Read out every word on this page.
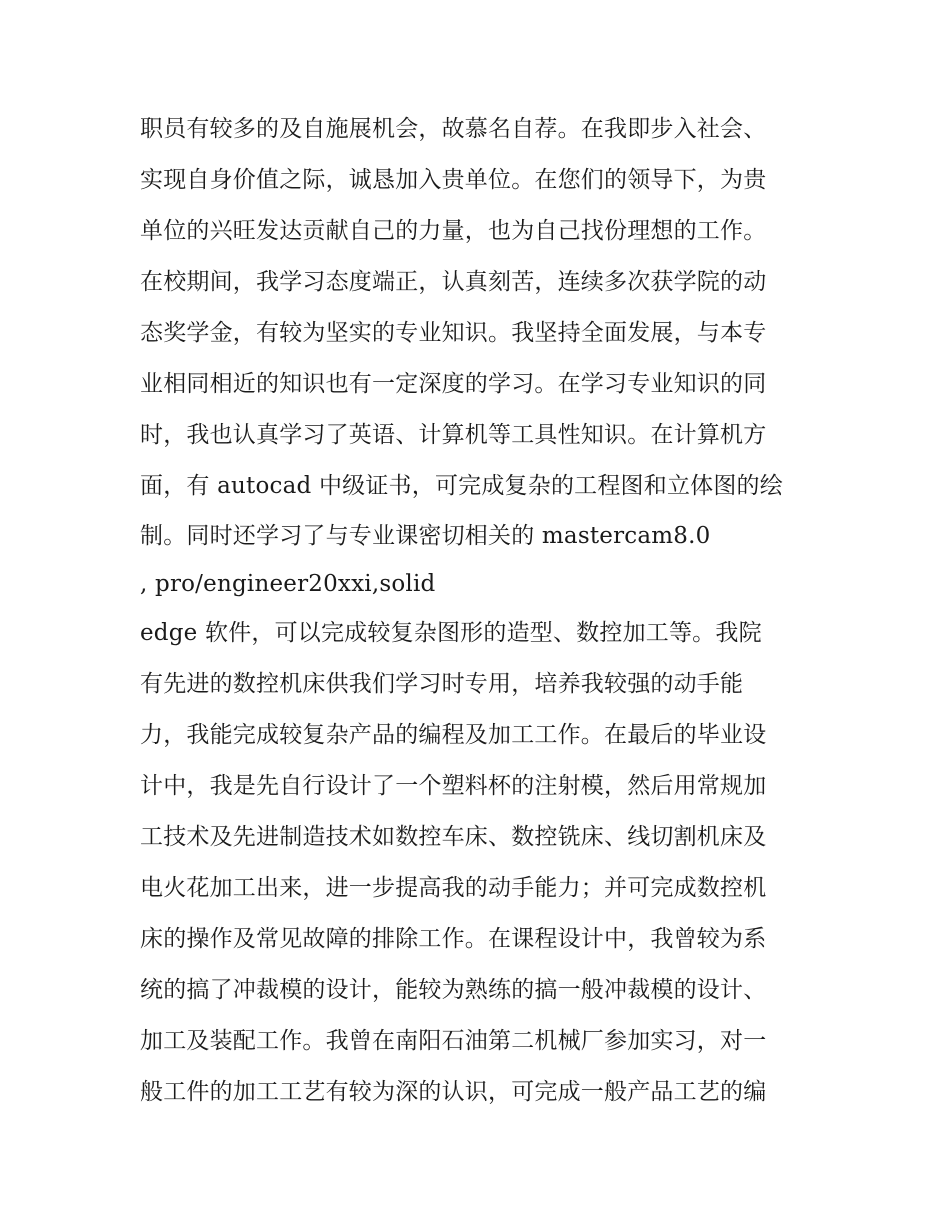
职员有较多的及自施展机会，故慕名自荐。在我即步入社会、
实现自身价值之际，诚恳加入贵单位。在您们的领导下，为贵
单位的兴旺发达贡献自己的力量，也为自己找份理想的工作。
在校期间，我学习态度端正，认真刻苦，连续多次获学院的动
态奖学金，有较为坚实的专业知识。我坚持全面发展，与本专
业相同相近的知识也有一定深度的学习。在学习专业知识的同
时，我也认真学习了英语、计算机等工具性知识。在计算机方
面，有 autocad 中级证书，可完成复杂的工程图和立体图的绘
制。同时还学习了与专业课密切相关的 mastercam8.0
, pro/engineer20xxi,solid
edge 软件，可以完成较复杂图形的造型、数控加工等。我院
有先进的数控机床供我们学习时专用，培养我较强的动手能
力，我能完成较复杂产品的编程及加工工作。在最后的毕业设
计中，我是先自行设计了一个塑料杯的注射模，然后用常规加
工技术及先进制造技术如数控车床、数控铣床、线切割机床及
电火花加工出来，进一步提高我的动手能力；并可完成数控机
床的操作及常见故障的排除工作。在课程设计中，我曾较为系
统的搞了冲裁模的设计，能较为熟练的搞一般冲裁模的设计、
加工及装配工作。我曾在南阳石油第二机械厂参加实习，对一
般工件的加工工艺有较为深的认识，可完成一般产品工艺的编
